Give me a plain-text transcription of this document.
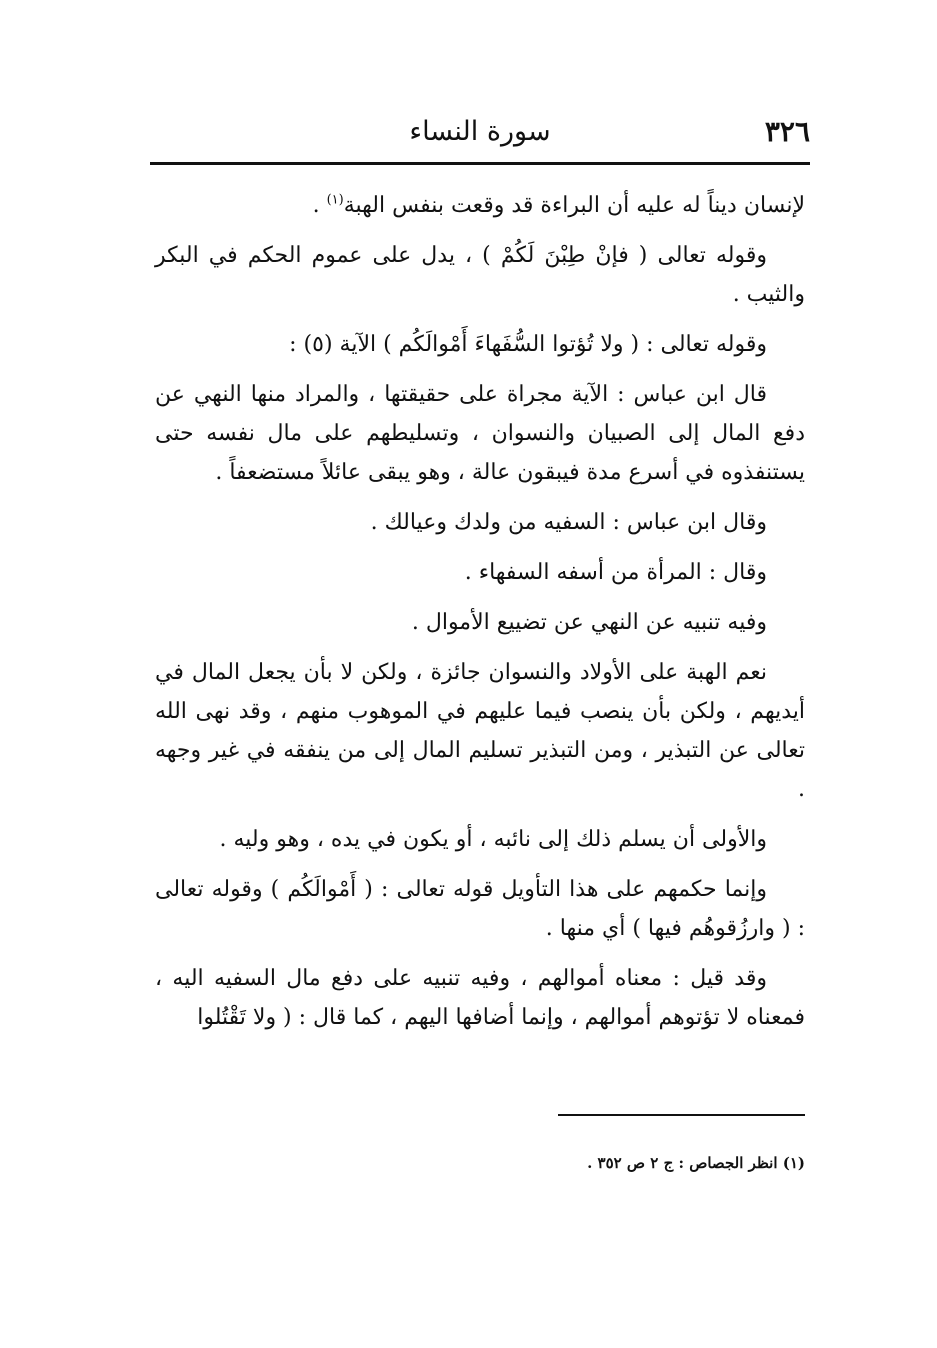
٣٢٦
سورة النساء

لإنسان ديناً له عليه أن البراءة قد وقعت بنفس الهبة$^{(١)}$ .

وقوله تعالى ( فإنْ طِبْنَ لَكُمْ ) ، يدل على عموم الحكم في البكر والثيب .

وقوله تعالى : ( ولا تُؤتوا السُّفَهاءَ أَمْوالَكُم ) الآية (٥) :

قال ابن عباس : الآية مجراة على حقيقتها ، والمراد منها النهي عن دفع المال إلى الصبيان والنسوان ، وتسليطهم على مال نفسه حتى يستنفذوه في أسرع مدة فيبقون عالة ، وهو يبقى عائلاً مستضعفاً .

وقال ابن عباس : السفيه من ولدك وعيالك .

وقال : المرأة من أسفه السفهاء .

وفيه تنبيه عن النهي عن تضييع الأموال .

نعم الهبة على الأولاد والنسوان جائزة ، ولكن لا بأن يجعل المال في أيديهم ، ولكن بأن ينصب فيما عليهم في الموهوب منهم ، وقد نهى الله تعالى عن التبذير ، ومن التبذير تسليم المال إلى من ينفقه في غير وجهه .

والأولى أن يسلم ذلك إلى نائبه ، أو يكون في يده ، وهو وليه .

وإنما حكمهم على هذا التأويل قوله تعالى : ( أَمْوالَكُم ) وقوله تعالى : ( وارزُقوهُم فيها ) أي منها .

وقد قيل : معناه أموالهم ، وفيه تنبيه على دفع مال السفيه اليه ، فمعناه لا تؤتوهم أموالهم ، وإنما أضافها اليهم ، كما قال : ( ولا تَقْتُلوا

(١) انظر الجصاص : ج ٢ ص ٣٥٢ .
